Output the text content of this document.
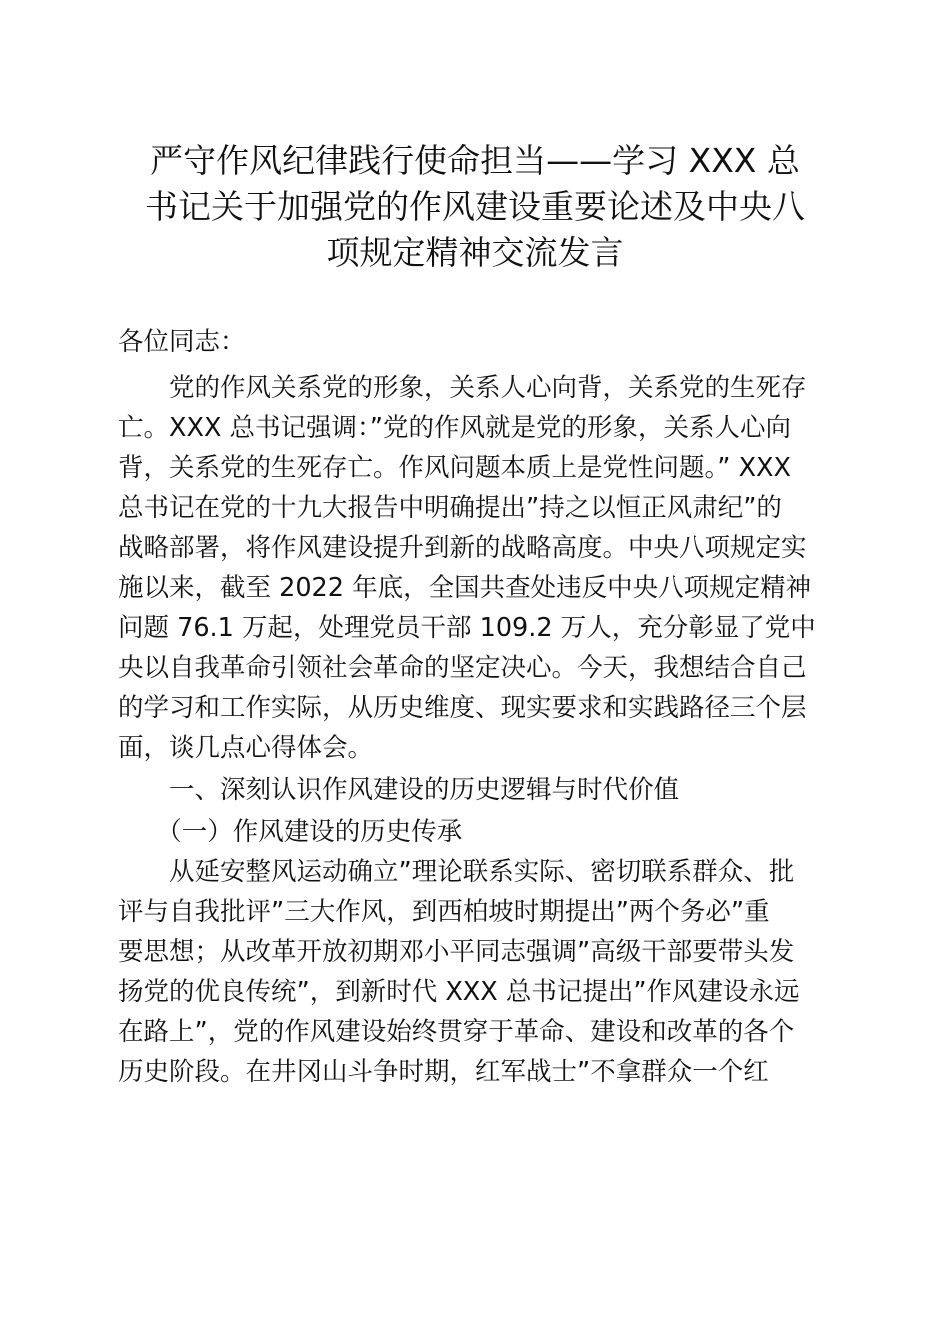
严守作风纪律践行使命担当——学习 XXX 总
书记关于加强党的作风建设重要论述及中央八
项规定精神交流发言
各位同志：
　　党的作风关系党的形象，关系人心向背，关系党的生死存
亡。XXX 总书记强调：”党的作风就是党的形象，关系人心向
背，关系党的生死存亡。作风问题本质上是党性问题。” XXX
总书记在党的十九大报告中明确提出”持之以恒正风肃纪”的
战略部署，将作风建设提升到新的战略高度。中央八项规定实
施以来，截至 2022 年底，全国共查处违反中央八项规定精神
问题 76.1 万起，处理党员干部 109.2 万人，充分彰显了党中
央以自我革命引领社会革命的坚定决心。今天，我想结合自己
的学习和工作实际，从历史维度、现实要求和实践路径三个层
面，谈几点心得体会。
　　一、深刻认识作风建设的历史逻辑与时代价值
　　（一）作风建设的历史传承
　　从延安整风运动确立”理论联系实际、密切联系群众、批
评与自我批评”三大作风，到西柏坡时期提出”两个务必”重
要思想；从改革开放初期邓小平同志强调”高级干部要带头发
扬党的优良传统”，到新时代 XXX 总书记提出”作风建设永远
在路上”，党的作风建设始终贯穿于革命、建设和改革的各个
历史阶段。在井冈山斗争时期，红军战士”不拿群众一个红
